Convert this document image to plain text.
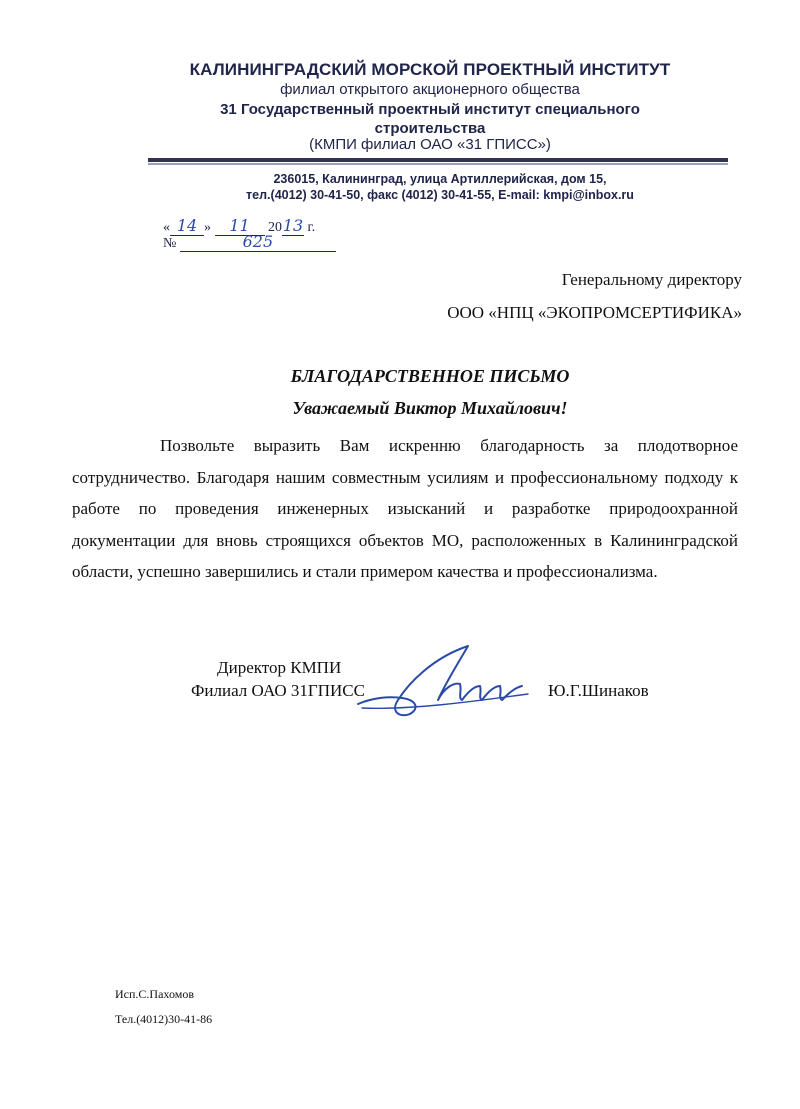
КАЛИНИНГРАДСКИЙ МОРСКОЙ ПРОЕКТНЫЙ ИНСТИТУТ
филиал открытого акционерного общества
31 Государственный проектный институт специального
строительства
(КМПИ филиал ОАО «31 ГПИСС»)
236015, Калининград, улица Артиллерийская, дом 15,
тел.(4012) 30-41-50, факс (4012) 30-41-55, E-mail: kmpi@inbox.ru
« 14 » 11 2013 г.
№	625
Генеральному директору
ООО «НПЦ «ЭКОПРОМСЕРТИФИКА»
БЛАГОДАРСТВЕННОЕ ПИСЬМО
Уважаемый Виктор Михайлович!
Позвольте выразить Вам искренню благодарность за плодотворное сотрудничество. Благодаря нашим совместным усилиям и профессиональному подходу к работе по проведения инженерных изысканий и разработке природоохранной документации для вновь строящихся объектов МО, расположенных в Калининградской области, успешно завершились и стали примером качества и профессионализма.
Директор КМПИ
Филиал ОАО 31ГПИСС	Ю.Г.Шинаков
Исп.С.Пахомов
Тел.(4012)30-41-86
